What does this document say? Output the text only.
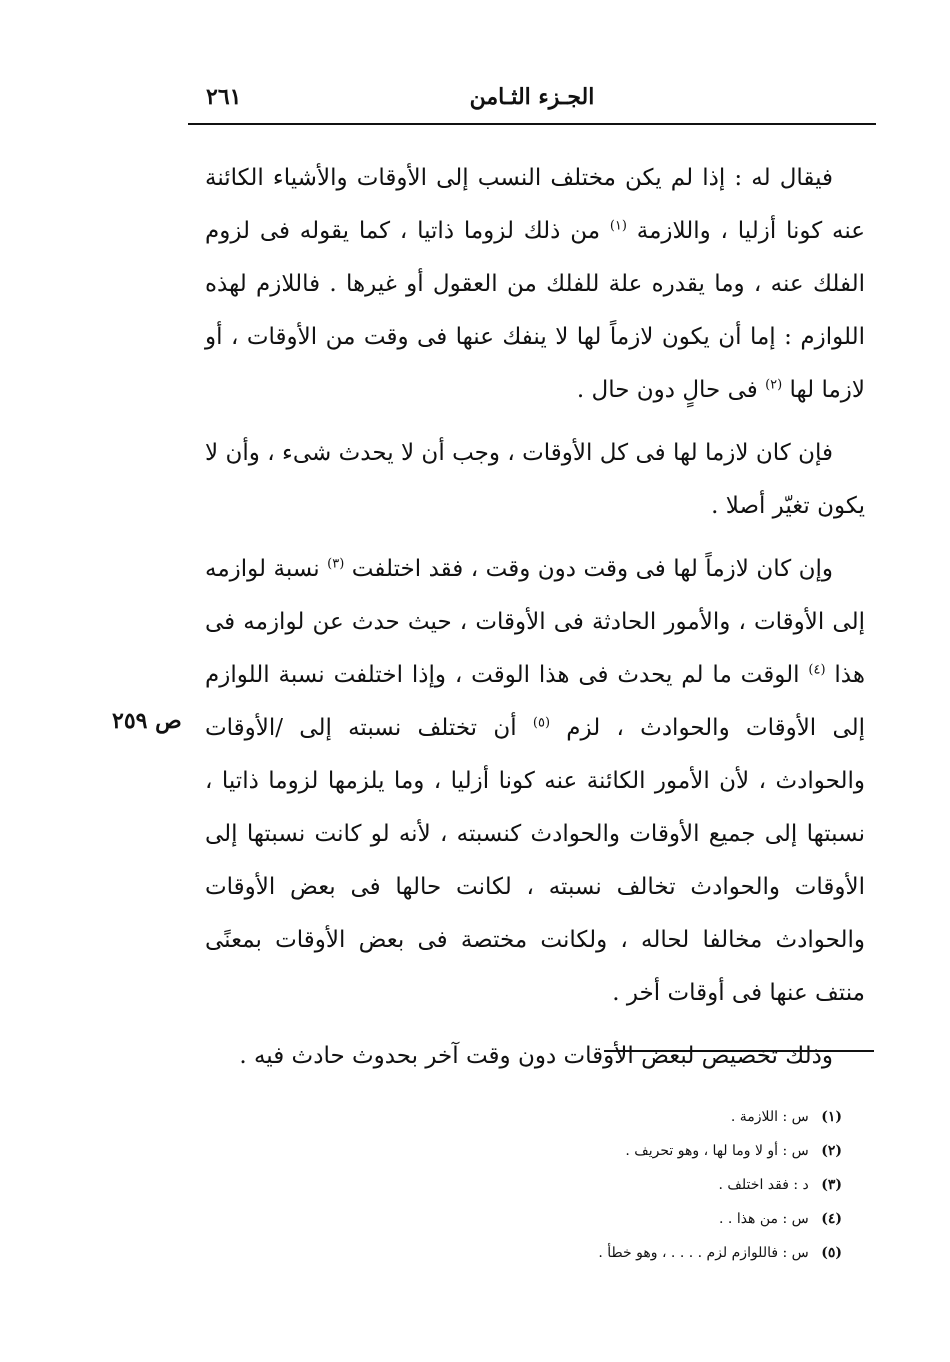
الجـزء الثـامن
٢٦١
ص ٢٥٩

فيقال له : إذا لم يكن مختلف النسب إلى الأوقات والأشياء الكائنة عنه كونا أزليا ، واللازمة $^{(١)}$ من ذلك لزوما ذاتيا ، كما يقوله فى لزوم الفلك عنه ، وما يقدره علة للفلك من العقول أو غيرها . فاللازم لهذه اللوازم : إما أن يكون لازماً لها لا ينفك عنها فى وقت من الأوقات ، أو لازما لها $^{(٢)}$ فى حالٍ دون حال .

فإن كان لازما لها فى كل الأوقات ، وجب أن لا يحدث شىء ، وأن لا يكون تغيّر أصلا .

وإن كان لازماً لها فى وقت دون وقت ، فقد اختلفت $^{(٣)}$ نسبة لوازمه إلى الأوقات ، والأمور الحادثة فى الأوقات ، حيث حدث عن لوازمه فى هذا $^{(٤)}$ الوقت ما لم يحدث فى هذا الوقت ، وإذا اختلفت نسبة اللوازم إلى الأوقات والحوادث ، لزم $^{(٥)}$ أن تختلف نسبته إلى /الأوقات والحوادث ، لأن الأمور الكائنة عنه كونا أزليا ، وما يلزمها لزوما ذاتيا ، نسبتها إلى جميع الأوقات والحوادث كنسبته ، لأنه لو كانت نسبتها إلى الأوقات والحوادث تخالف نسبته ، لكانت حالها فى بعض الأوقات والحوادث مخالفا لحاله ، ولكانت مختصة فى بعض الأوقات بمعنًى منتف عنها فى أوقات أخر .

وذلك تخصيص لبعض الأوقات دون وقت آخر بحدوث حادث فيه .

(١) س : اللازمة .
(٢) س : أو لا وما لها ، وهو تحريف .
(٣) د : فقد اختلف .
(٤) س : من هذا . .
(٥) س : فاللوازم لزم . . . . ، وهو خطأ .
